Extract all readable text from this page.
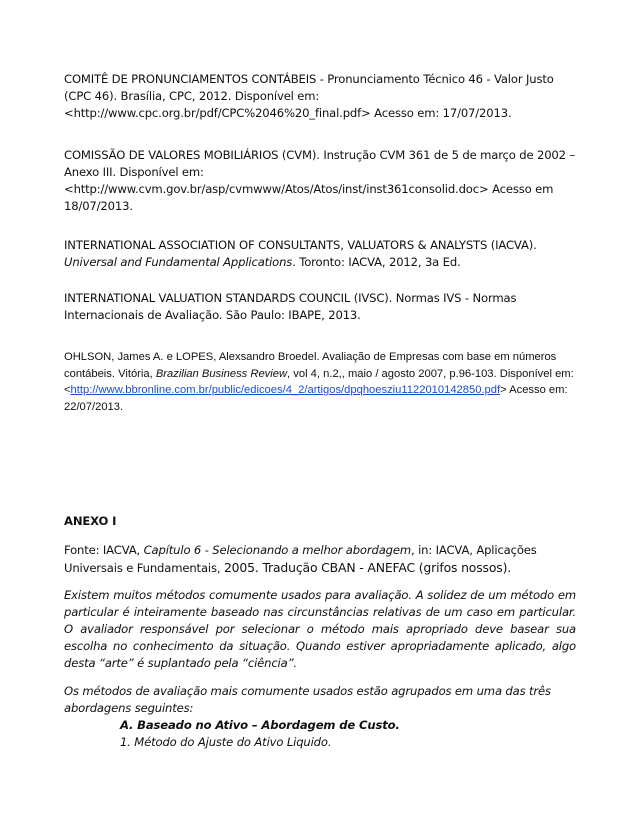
COMITÊ DE PRONUNCIAMENTOS CONTÁBEIS - Pronunciamento Técnico 46 - Valor Justo (CPC 46). Brasília, CPC, 2012. Disponível em: <http://www.cpc.org.br/pdf/CPC%2046%20_final.pdf> Acesso em: 17/07/2013.

COMISSÃO DE VALORES MOBILIÁRIOS (CVM). Instrução CVM 361 de 5 de março de 2002 – Anexo III. Disponível em: <http://www.cvm.gov.br/asp/cvmwww/Atos/Atos/inst/inst361consolid.doc> Acesso em 18/07/2013.

INTERNATIONAL ASSOCIATION OF CONSULTANTS, VALUATORS & ANALYSTS (IACVA). Universal and Fundamental Applications. Toronto: IACVA, 2012, 3a Ed.

INTERNATIONAL VALUATION STANDARDS COUNCIL (IVSC). Normas IVS - Normas Internacionais de Avaliação. São Paulo: IBAPE, 2013.

OHLSON, James A. e LOPES, Alexsandro Broedel. Avaliação de Empresas com base em números contábeis. Vitória, Brazilian Business Review, vol 4, n.2,, maio / agosto 2007, p.96-103. Disponível em: <http://www.bbronline.com.br/public/edicoes/4_2/artigos/dpqhoesziu1122010142850.pdf> Acesso em: 22/07/2013.

ANEXO I

Fonte: IACVA, Capítulo 6 - Selecionando a melhor abordagem, in: IACVA, Aplicações Universais e Fundamentais, 2005. Tradução CBAN - ANEFAC (grifos nossos).

Existem muitos métodos comumente usados para avaliação. A solidez de um método em particular é inteiramente baseado nas circunstâncias relativas de um caso em particular. O avaliador responsável por selecionar o método mais apropriado deve basear sua escolha no conhecimento da situação. Quando estiver apropriadamente aplicado, algo desta “arte” é suplantado pela “ciência”.

Os métodos de avaliação mais comumente usados estão agrupados em uma das três abordagens seguintes:

A. Baseado no Ativo – Abordagem de Custo.

1. Método do Ajuste do Ativo Liquido.
